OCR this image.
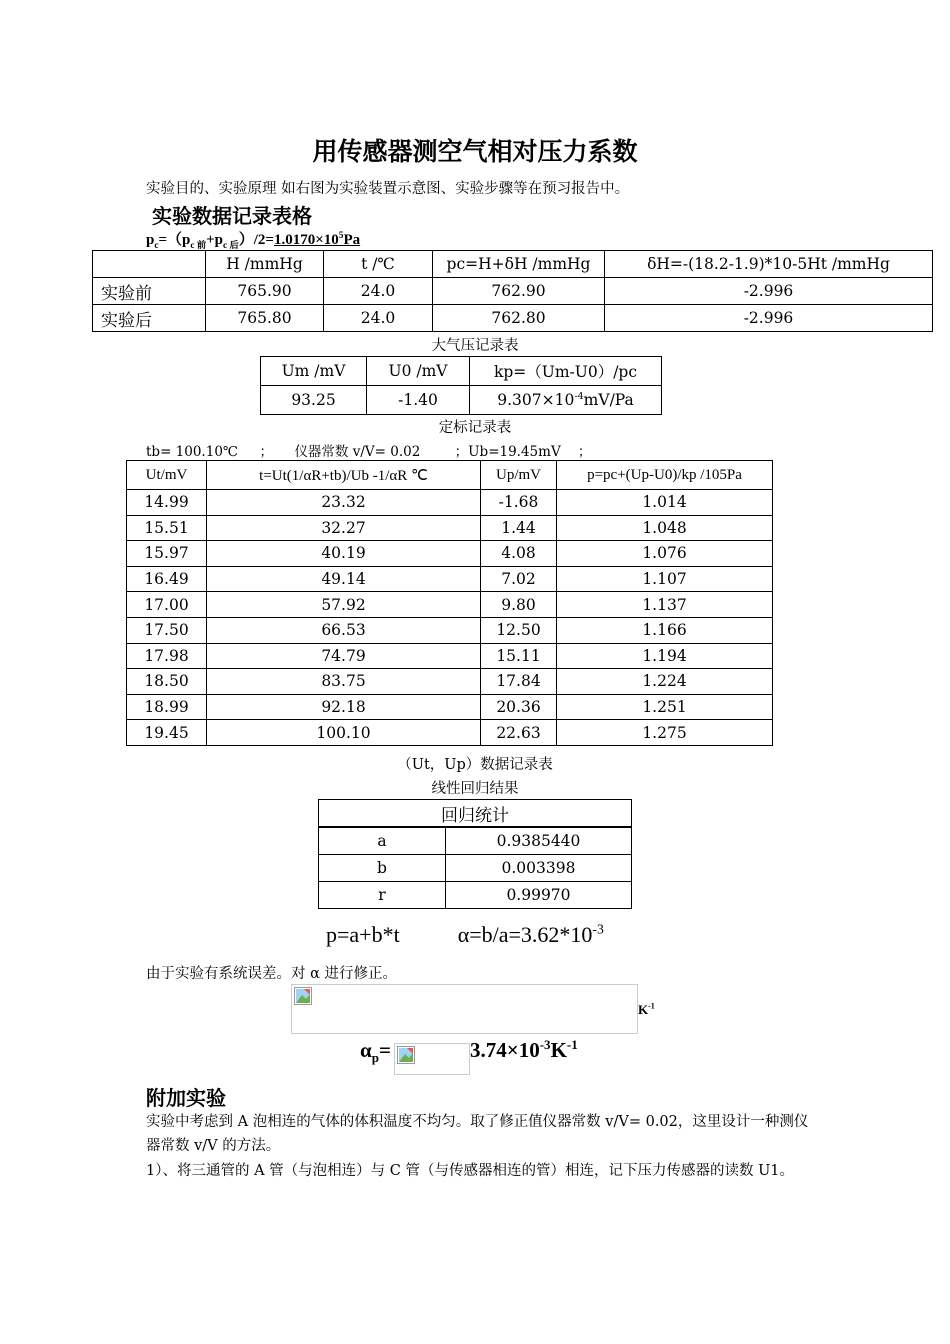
用传感器测空气相对压力系数
实验目的、实验原理 如右图为实验装置示意图、实验步骤等在预习报告中。
实验数据记录表格
$p_c=(p_{c 前}+p_{c 后})/2=1.0170\times 10^5Pa$
	H /mmHg	t /℃	pc=H+δH /mmHg	δH=-(18.2-1.9)*10-5Ht /mmHg
实验前	765.90	24.0	762.90	-2.996
实验后	765.80	24.0	762.80	-2.996
大气压记录表
Um /mV	U0 /mV	kp=（Um-U0）/pc
93.25	-1.40	$9.307\times 10^{-4}mV/Pa$
定标记录表
tb= 100.10℃     ；     仪器常数 v/V= 0.02        ；Ub=19.45mV    ；
Ut/mV	t=Ut(1/αR+tb)/Ub -1/αR ℃	Up/mV	p=pc+(Up-U0)/kp /105Pa
14.99	23.32	-1.68	1.014
15.51	32.27	1.44	1.048
15.97	40.19	4.08	1.076
16.49	49.14	7.02	1.107
17.00	57.92	9.80	1.137
17.50	66.53	12.50	1.166
17.98	74.79	15.11	1.194
18.50	83.75	17.84	1.224
18.99	92.18	20.36	1.251
19.45	100.10	22.63	1.275
（Ut，Up）数据记录表
线性回归结果
回归统计	
a	0.9385440
b	0.003398
r	0.99970
p=a+b*t	$\alpha=b/a=3.62*10^{-3}$
由于实验有系统误差。对 α 进行修正。
$K^{-1}$
$\alpha_p=$	$3.74\times 10^{-3}K^{-1}$
附加实验
实验中考虑到 A 泡相连的气体的体积温度不均匀。取了修正值仪器常数 v/V= 0.02，这里设计一种测仪器常数 v/V 的方法。
1）、将三通管的 A 管（与泡相连）与 C 管（与传感器相连的管）相连，记下压力传感器的读数 U1。
